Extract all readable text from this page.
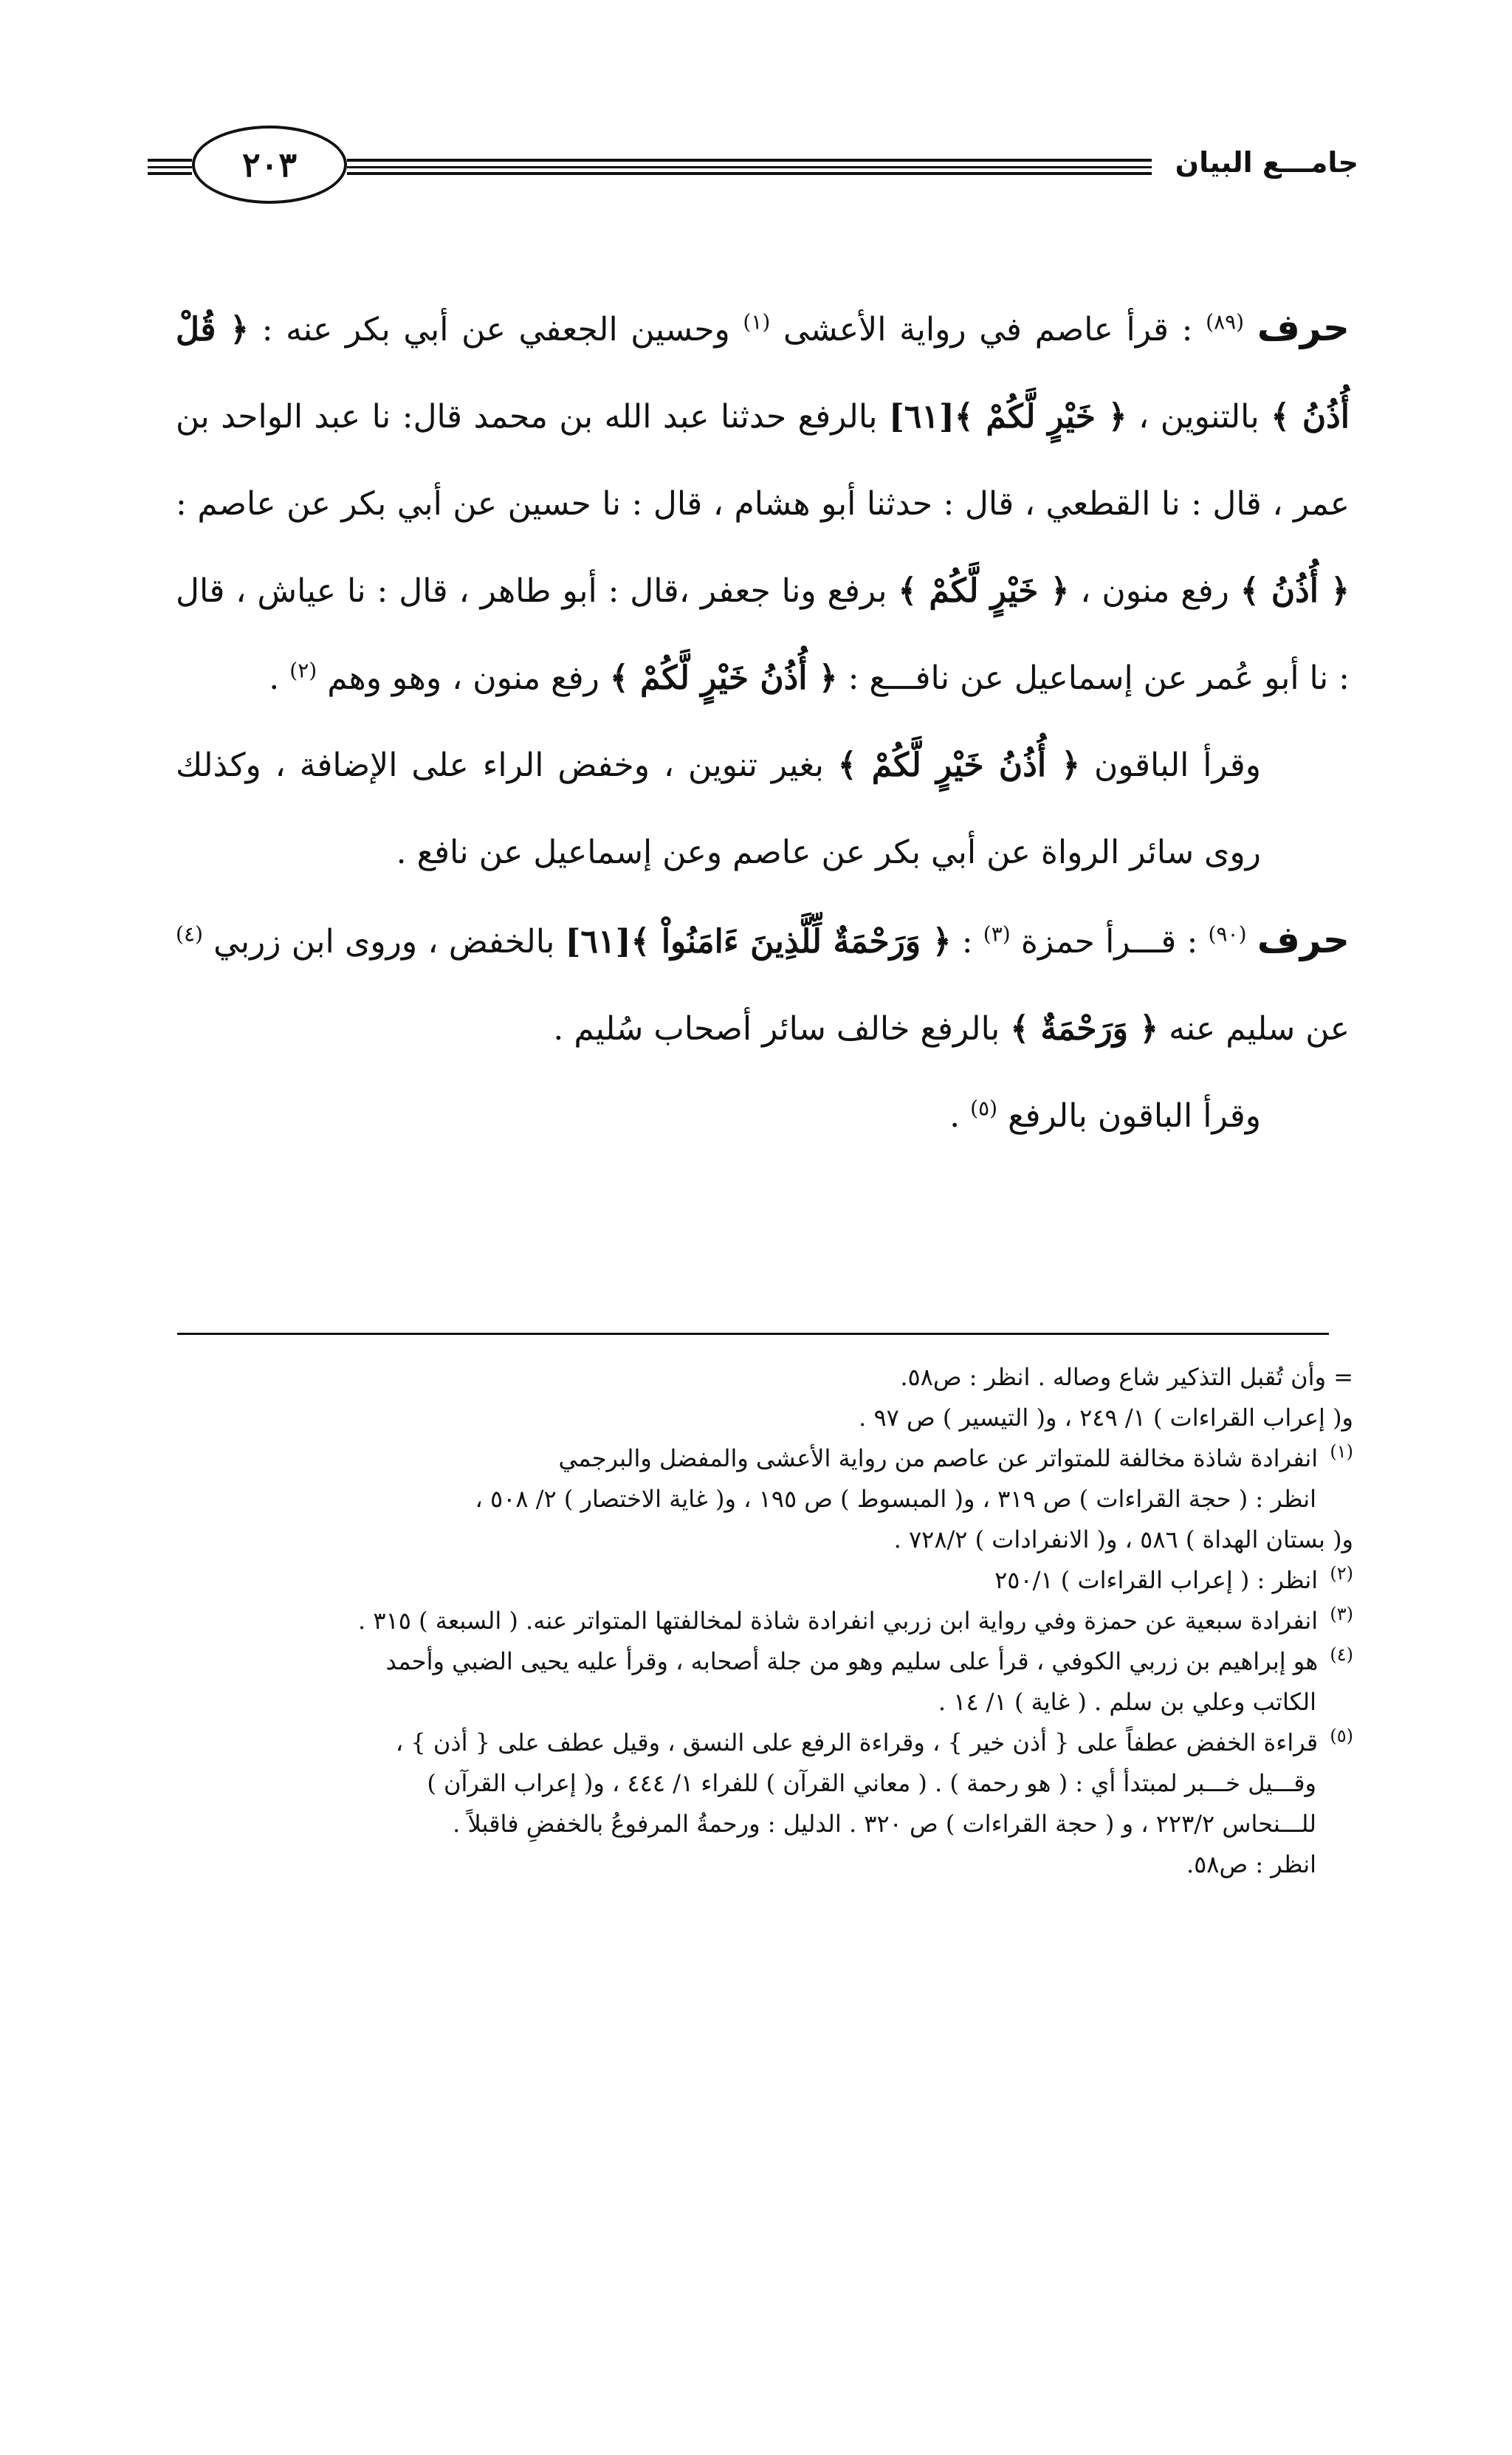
جامـــع البيان
٢٠٣

حرف $^{(٨٩)}$ : قرأ عاصم في رواية الأعشى $^{(١)}$ وحسين الجعفي عن أبي بكر عنه : ﴿ قُلْ أُذُنُ ﴾ بالتنوين ، ﴿ خَيْرٍ لَّكُمْ ﴾[٦١] بالرفع حدثنا عبد الله بن محمد قال: نا عبد الواحد بن عمر ، قال : نا القطعي ، قال : حدثنا أبو هشام ، قال : نا حسين عن أبي بكر عن عاصم : ﴿ أُذُنُ ﴾ رفع منون ، ﴿ خَيْرٍ لَّكُمْ ﴾ برفع ونا جعفر ،قال : أبو طاهر ، قال : نا عياش ، قال : نا أبو عُمر عن إسماعيل عن نافـــع : ﴿ أُذُنُ خَيْرٍ لَّكُمْ ﴾ رفع منون ، وهو وهم $^{(٢)}$ .

وقرأ الباقون ﴿ أُذُنُ خَيْرٍ لَّكُمْ ﴾ بغير تنوين ، وخفض الراء على الإضافة ، وكذلك روى سائر الرواة عن أبي بكر عن عاصم وعن إسماعيل عن نافع .

حرف $^{(٩٠)}$ : قـــرأ حمزة $^{(٣)}$ : ﴿ وَرَحْمَةٌ لِّلَّذِينَ ءَامَنُواْ ﴾[٦١] بالخفض ، وروى ابن زربي $^{(٤)}$ عن سليم عنه ﴿ وَرَحْمَةٌ ﴾ بالرفع خالف سائر أصحاب سُليم .

وقرأ الباقون بالرفع $^{(٥)}$ .

= وأن تُقبل التذكير شاع وصاله . انظر : ص٥٨.

و( إعراب القراءات ) ١/ ٢٤٩ ، و( التيسير ) ص ٩٧ .

$^{(١)}$ انفرادة شاذة مخالفة للمتواتر عن عاصم من رواية الأعشى والمفضل والبرجمي

انظر : ( حجة القراءات ) ص ٣١٩ ، و( المبسوط ) ص ١٩٥ ، و( غاية الاختصار ) ٢/ ٥٠٨ ،

و( بستان الهداة ) ٥٨٦ ، و( الانفرادات ) ٧٢٨/٢ .

$^{(٢)}$ انظر : ( إعراب القراءات ) ٢٥٠/١

$^{(٣)}$ انفرادة سبعية عن حمزة وفي رواية ابن زربي انفرادة شاذة لمخالفتها المتواتر عنه. ( السبعة ) ٣١٥ .

$^{(٤)}$ هو إبراهيم بن زربي الكوفي ، قرأ على سليم وهو من جلة أصحابه ، وقرأ عليه يحيى الضبي وأحمد

الكاتب وعلي بن سلم . ( غاية ) ١/ ١٤ .

$^{(٥)}$ قراءة الخفض عطفاً على { أذن خير } ، وقراءة الرفع على النسق ، وقيل عطف على { أذن } ،

وقـــيل خـــبر لمبتدأ أي : ( هو رحمة ) . ( معاني القرآن ) للفراء ١/ ٤٤٤ ، و( إعراب القرآن )

للـــنحاس ٢٢٣/٢ ، و ( حجة القراءات ) ص ٣٢٠ . الدليل : ورحمةُ المرفوعُ بالخفضِ فاقبلاً .

انظر : ص٥٨.
